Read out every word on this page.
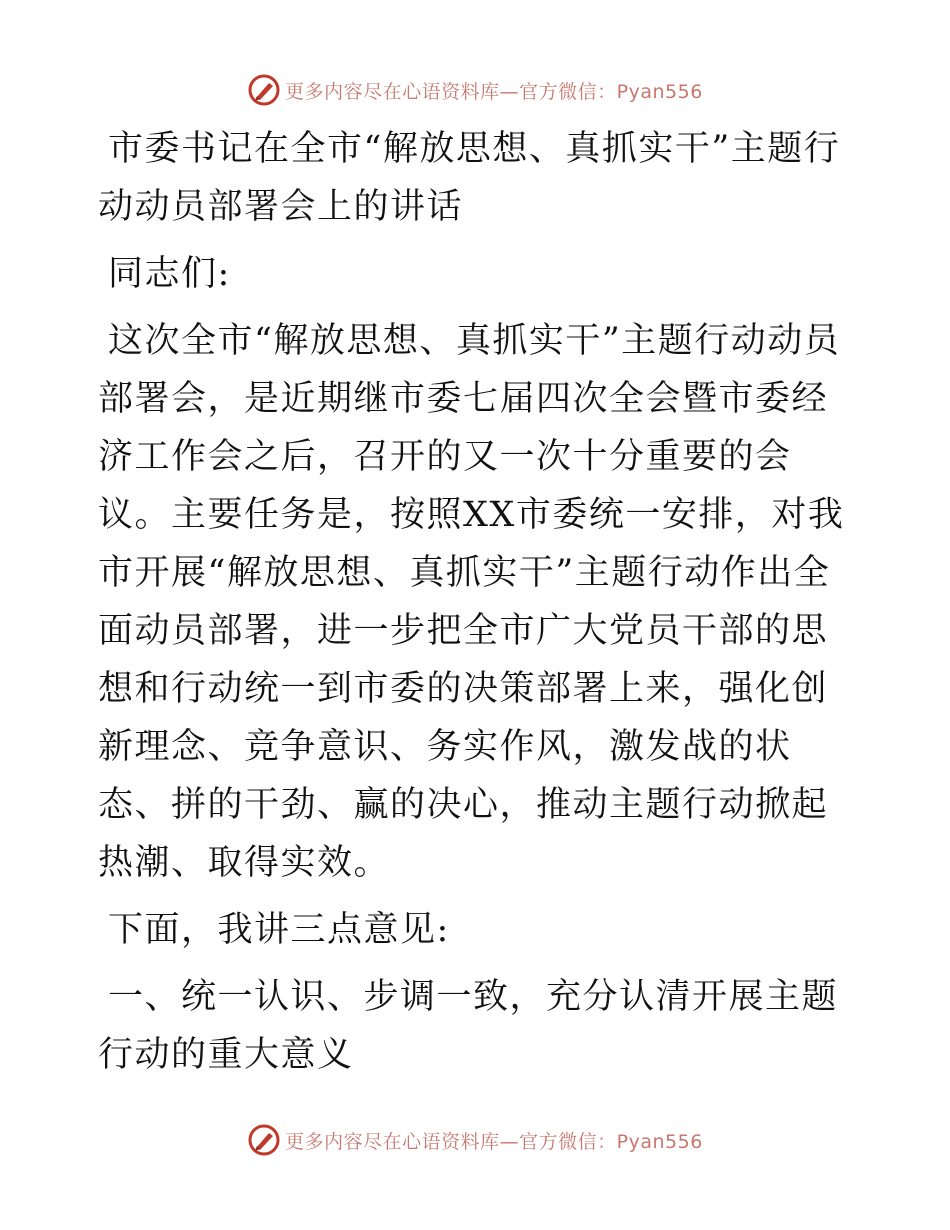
更多内容尽在心语资料库—官方微信：Pyan556

市委书记在全市“解放思想、真抓实干”主题行动动员部署会上的讲话

同志们:

这次全市“解放思想、真抓实干”主题行动动员部署会，是近期继市委七届四次全会暨市委经济工作会之后，召开的又一次十分重要的会议。主要任务是，按照XX市委统一安排，对我市开展“解放思想、真抓实干”主题行动作出全面动员部署，进一步把全市广大党员干部的思想和行动统一到市委的决策部署上来，强化创新理念、竞争意识、务实作风，激发战的状态、拼的干劲、赢的决心，推动主题行动掀起热潮、取得实效。

下面，我讲三点意见:

一、统一认识、步调一致，充分认清开展主题行动的重大意义

更多内容尽在心语资料库—官方微信：Pyan556
